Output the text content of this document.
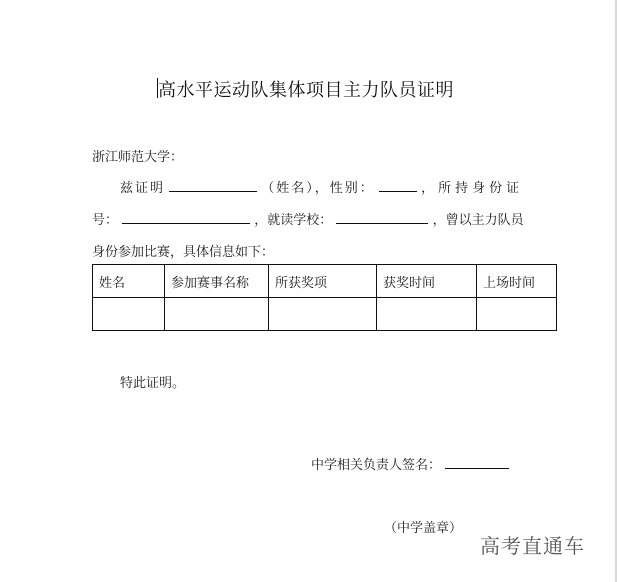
高水平运动队集体项目主力队员证明
浙江师范大学：
兹证明	（姓名），性别：	，所持身份证
号：	，就读学校：	，曾以主力队员
身份参加比赛，具体信息如下：
姓名	参加赛事名称	所获奖项	获奖时间	上场时间

特此证明。
中学相关负责人签名：
（中学盖章）
高考直通车
